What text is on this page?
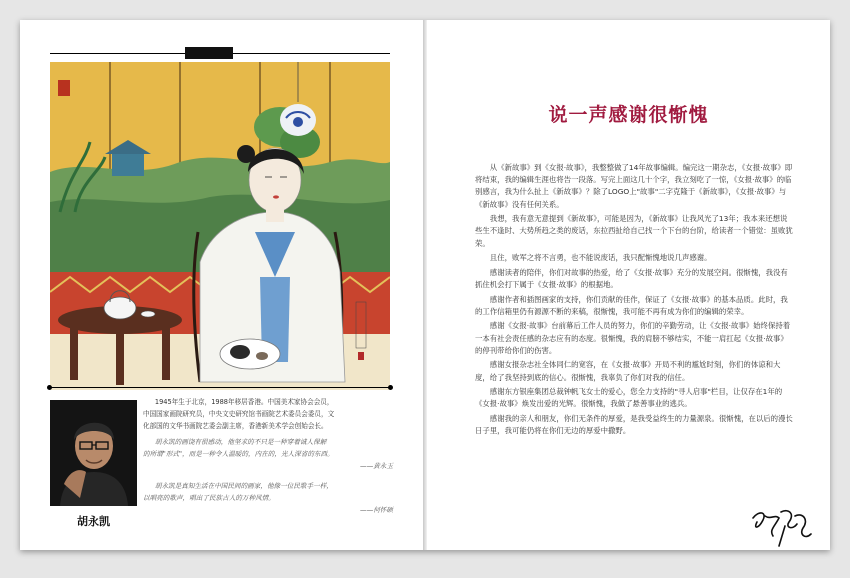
胡永凯

1945年生于北京，1988年移居香港。中国美术家协会会员，

中国国家画院研究员，中央文史研究馆书画院艺术委员会委员，文

化部国的文华书画院艺委会副主席，香港新美术学会创始会长。

胡永凯的画饶有很感动，他坚求的不只是一种穿着诚人保解

的所谓"形式"，而是一种令人温暖的，内在的，光人深省的东西。

——黄永玉

胡永凯是真知生活在中国民间的画家，他像一位民歌手一样，

以唱亮的歌声，唱出了民族古人的万种风情。

——何怀硕

说一声感谢很惭愧

从《新故事》到《女报·故事》，我整整做了14年故事编辑。编完这一期杂志，《女报·故事》即将结束，我的编辑生涯也将告一段落。写完上面这几十个字，我立刻吃了一惊，《女报·故事》的临别感言，我为什么扯上《新故事》？除了LOGO上"故事"二字克隆于《新故事》，《女报·故事》与《新故事》没有任何关系。

我想，我有意无意提到《新故事》，可能是因为，《新故事》让我风光了13年；我本来还想说些生不逢时、大势所趋之类的废话，东拉西扯给自己找一个下台的台阶，给读者一个错觉：虽败犹荣。

且住，败军之将不言勇，也不能说废话，我只配惭愧地说几声感谢。

感谢读者的陪伴，你们对故事的热爱，给了《女报·故事》充分的发展空间。很惭愧，我没有抓住机会打下属于《女报·故事》的根据地。

感谢作者和插图画家的支持，你们贡献的佳作，保证了《女报·故事》的基本品质。此时，我的工作信箱里仍有源源不断的来稿，很惭愧，我可能不再有成为你们的编辑的荣幸。

感谢《女报·故事》台前幕后工作人员的努力，你们的辛勤劳动，让《女报·故事》始终保持着一本有社会责任感的杂志应有的态度。很惭愧，我的肩膀不够结实，不能一肩扛起《女报·故事》的停刊带给你们的伤害。

感谢女报杂志社全体同仁的宽容，在《女报·故事》开局不利的尴尬时刻，你们的体谅和大度，给了我坚持到底的信心。很惭愧，我辜负了你们对我的信任。

感谢东方银座集团总裁钟帆飞女士的爱心，您全力支持的"寻人启事"栏目，让仅存在1年的《女报·故事》焕发出爱的光辉。很惭愧，我做了悬善事业的逃兵。

感谢我的亲人和朋友，你们无条件的厚爱，是我受益终生的力量源泉。很惭愧，在以后的漫长日子里，我可能仍将在你们无边的厚爱中撒野。
